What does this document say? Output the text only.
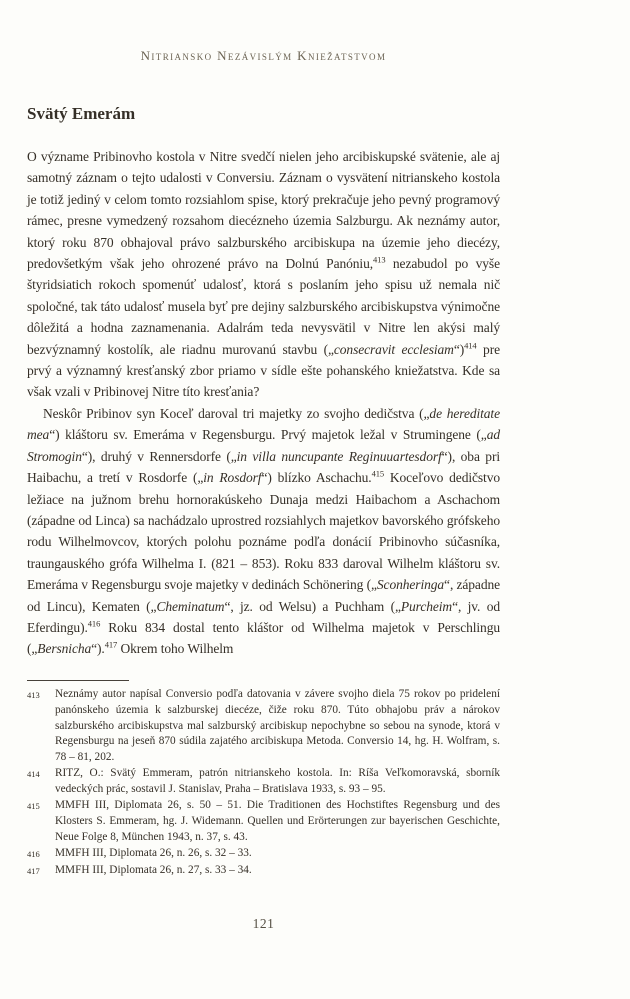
Nitriansko Nezávislým Kniežatstvom
Svätý Emerám

O význame Pribinovho kostola v Nitre svedčí nielen jeho arcibiskupské svätenie, ale aj samotný záznam o tejto udalosti v Conversiu. Záznam o vysvätení nitrianskeho kostola je totiž jediný v celom tomto rozsiahlom spise, ktorý prekračuje jeho pevný programový rámec, presne vymedzený rozsahom diecézneho územia Salzburgu. Ak neznámy autor, ktorý roku 870 obhajoval právo salzburského arcibiskupa na územie jeho diecézy, predovšetkým však jeho ohrozené právo na Dolnú Panóniu,$^{413}$ nezabudol po vyše štyridsiatich rokoch spomenúť udalosť, ktorá s poslaním jeho spisu už nemala nič spoločné, tak táto udalosť musela byť pre dejiny salzburského arcibiskupstva výnimočne dôležitá a hodna zaznamenania. Adalrám teda nevysvätil v Nitre len akýsi malý bezvýznamný kostolík, ale riadnu murovanú stavbu („consecravit ecclesiam“)$^{414}$ pre prvý a významný kresťanský zbor priamo v sídle ešte pohanského kniežatstva. Kde sa však vzali v Pribinovej Nitre títo kresťania?

Neskôr Pribinov syn Koceľ daroval tri majetky zo svojho dedičstva („de hereditate mea“) kláštoru sv. Emeráma v Regensburgu. Prvý majetok ležal v Strumingene („ad Stromogin“), druhý v Rennersdorfe („in villa nuncupante Reginuuartesdorf“), oba pri Haibachu, a tretí v Rosdorfe („in Rosdorf“) blízko Aschachu.$^{415}$ Koceľovo dedičstvo ležiace na južnom brehu hornorakúskeho Dunaja medzi Haibachom a Aschachom (západne od Linca) sa nachádzalo uprostred rozsiahlych majetkov bavorského grófskeho rodu Wilhelmovcov, ktorých polohu poznáme podľa donácií Pribinovho súčasníka, traungauského grófa Wilhelma I. (821 – 853). Roku 833 daroval Wilhelm kláštoru sv. Emeráma v Regensburgu svoje majetky v dedinách Schönering („Sconheringa“, západne od Lincu), Kematen („Cheminatum“, jz. od Welsu) a Puchham („Purcheim“, jv. od Eferdingu).$^{416}$ Roku 834 dostal tento kláštor od Wilhelma majetok v Perschlingu („Bersnicha“).$^{417}$ Okrem toho Wilhelm

413	Neznámy autor napísal Conversio podľa datovania v závere svojho diela 75 rokov po pridelení panónskeho územia k salzburskej diecéze, čiže roku 870. Túto obhajobu práv a nárokov salzburského arcibiskupstva mal salzburský arcibiskup nepochybne so sebou na synode, ktorá v Regensburgu na jeseň 870 súdila zajatého arcibiskupa Metoda. Conversio 14, hg. H. Wolfram, s. 78 – 81, 202.
414	RITZ, O.: Svätý Emmeram, patrón nitrianskeho kostola. In: Ríša Veľkomoravská, sborník vedeckých prác, sostavil J. Stanislav, Praha – Bratislava 1933, s. 93 – 95.
415	MMFH III, Diplomata 26, s. 50 – 51. Die Traditionen des Hochstiftes Regensburg und des Klosters S. Emmeram, hg. J. Widemann. Quellen und Erörterungen zur bayerischen Geschichte, Neue Folge 8, München 1943, n. 37, s. 43.
416	MMFH III, Diplomata 26, n. 26, s. 32 – 33.
417	MMFH III, Diplomata 26, n. 27, s. 33 – 34.
121
